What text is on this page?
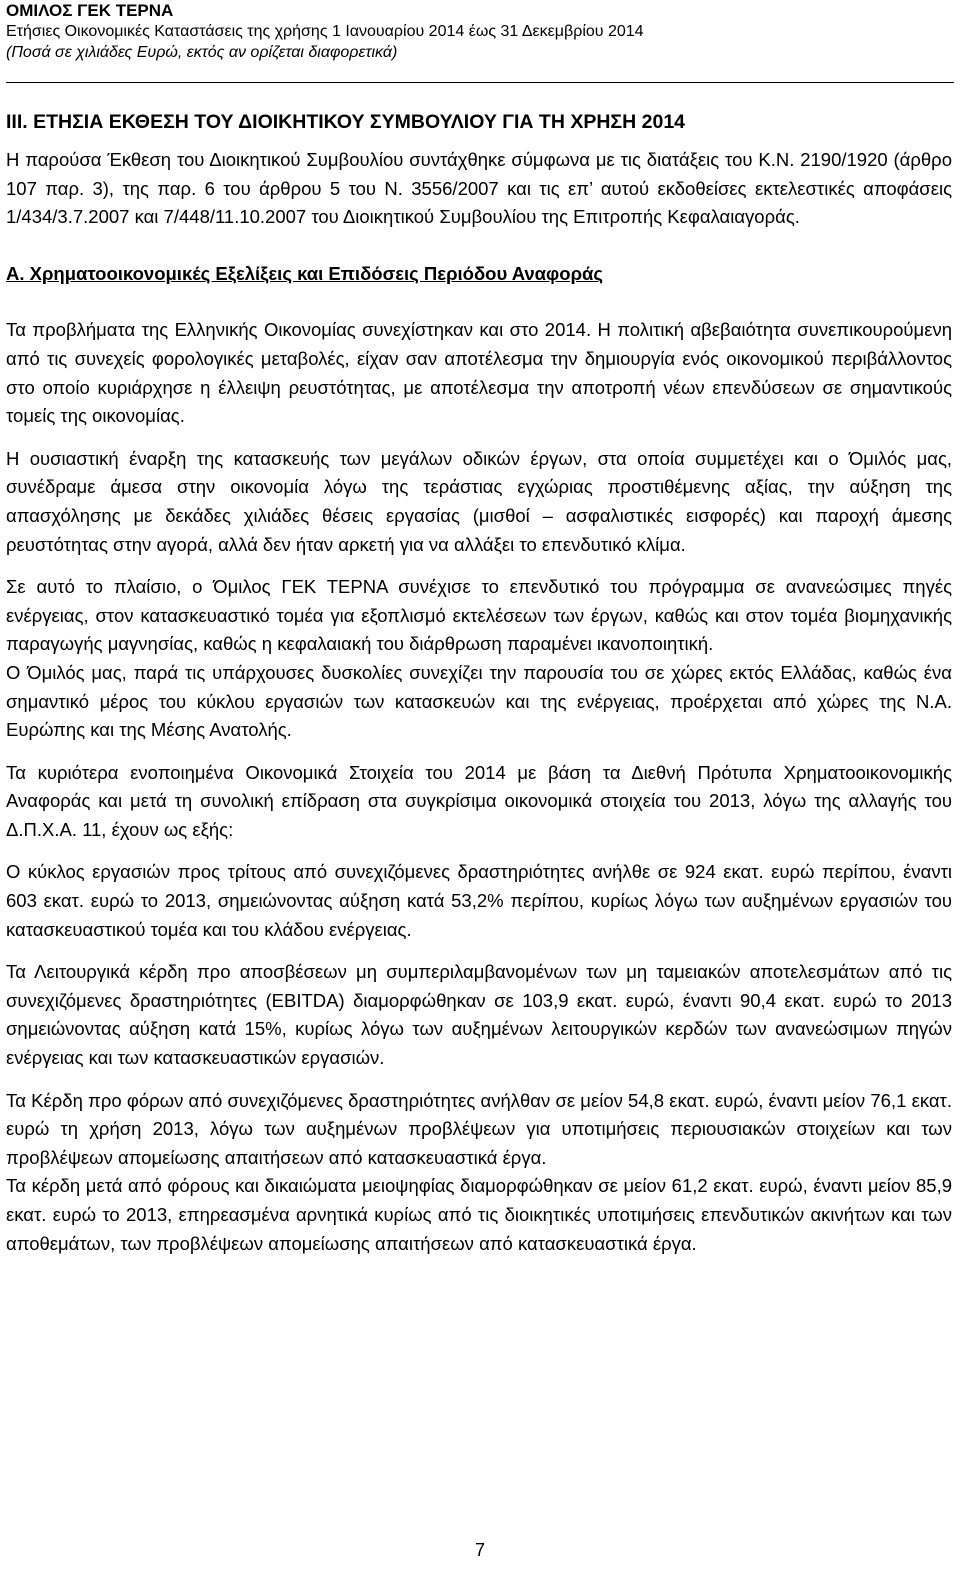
ΟΜΙΛΟΣ ΓΕΚ ΤΕΡΝΑ
Ετήσιες Οικονομικές Καταστάσεις της χρήσης 1 Ιανουαρίου 2014 έως 31 Δεκεμβρίου 2014
(Ποσά σε χιλιάδες Ευρώ, εκτός αν ορίζεται διαφορετικά)
III. ΕΤΗΣΙΑ ΕΚΘΕΣΗ ΤΟΥ ΔΙΟΙΚΗΤΙΚΟΥ ΣΥΜΒΟΥΛΙΟΥ ΓΙΑ ΤΗ ΧΡΗΣΗ 2014

Η παρούσα Έκθεση του Διοικητικού Συμβουλίου συντάχθηκε σύμφωνα με τις διατάξεις του Κ.Ν. 2190/1920 (άρθρο 107 παρ. 3), της παρ. 6 του άρθρου 5 του Ν. 3556/2007 και τις επ’ αυτού εκδοθείσες εκτελεστικές αποφάσεις 1/434/3.7.2007 και 7/448/11.10.2007 του Διοικητικού Συμβουλίου της Επιτροπής Κεφαλαιαγοράς.

Α. Χρηματοοικονομικές Εξελίξεις και Επιδόσεις Περιόδου Αναφοράς

Τα προβλήματα της Ελληνικής Οικονομίας συνεχίστηκαν και στο 2014. Η πολιτική αβεβαιότητα συνεπικουρούμενη από τις συνεχείς φορολογικές μεταβολές, είχαν σαν αποτέλεσμα την δημιουργία ενός οικονομικού περιβάλλοντος στο οποίο κυριάρχησε η έλλειψη ρευστότητας, με αποτέλεσμα την αποτροπή νέων επενδύσεων σε σημαντικούς τομείς της οικονομίας.

Η ουσιαστική έναρξη της κατασκευής των μεγάλων οδικών έργων, στα οποία συμμετέχει και ο Όμιλός μας, συνέδραμε άμεσα στην οικονομία λόγω της τεράστιας εγχώριας προστιθέμενης αξίας, την αύξηση της απασχόλησης με δεκάδες χιλιάδες θέσεις εργασίας (μισθοί – ασφαλιστικές εισφορές) και παροχή άμεσης ρευστότητας στην αγορά, αλλά δεν ήταν αρκετή για να αλλάξει το επενδυτικό κλίμα.

Σε αυτό το πλαίσιο, ο Όμιλος ΓΕΚ ΤΕΡΝΑ συνέχισε το επενδυτικό του πρόγραμμα σε ανανεώσιμες πηγές ενέργειας, στον κατασκευαστικό τομέα για εξοπλισμό εκτελέσεων των έργων, καθώς και στον τομέα βιομηχανικής παραγωγής μαγνησίας, καθώς η κεφαλαιακή του διάρθρωση παραμένει ικανοποιητική.

Ο Όμιλός μας, παρά τις υπάρχουσες δυσκολίες συνεχίζει την παρουσία του σε χώρες εκτός Ελλάδας, καθώς ένα σημαντικό μέρος του κύκλου εργασιών των κατασκευών και της ενέργειας, προέρχεται από χώρες της Ν.Α. Ευρώπης και της Μέσης Ανατολής.

Τα κυριότερα ενοποιημένα Οικονομικά Στοιχεία του 2014 με βάση τα Διεθνή Πρότυπα Χρηματοοικονομικής Αναφοράς και μετά τη συνολική επίδραση στα συγκρίσιμα οικονομικά στοιχεία του 2013, λόγω της αλλαγής του Δ.Π.Χ.Α. 11, έχουν ως εξής:

Ο κύκλος εργασιών προς τρίτους από συνεχιζόμενες δραστηριότητες ανήλθε σε 924 εκατ. ευρώ περίπου, έναντι 603 εκατ. ευρώ το 2013, σημειώνοντας αύξηση κατά 53,2% περίπου, κυρίως λόγω των αυξημένων εργασιών του κατασκευαστικού τομέα και του κλάδου ενέργειας.

Τα Λειτουργικά κέρδη προ αποσβέσεων μη συμπεριλαμβανομένων των μη ταμειακών αποτελεσμάτων από τις συνεχιζόμενες δραστηριότητες (EBITDA) διαμορφώθηκαν σε 103,9 εκατ. ευρώ, έναντι 90,4 εκατ. ευρώ το 2013 σημειώνοντας αύξηση κατά 15%, κυρίως λόγω των αυξημένων λειτουργικών κερδών των ανανεώσιμων πηγών ενέργειας και των κατασκευαστικών εργασιών.

Τα Κέρδη προ φόρων από συνεχιζόμενες δραστηριότητες ανήλθαν σε μείον 54,8 εκατ. ευρώ, έναντι μείον 76,1 εκατ. ευρώ τη χρήση 2013, λόγω των αυξημένων προβλέψεων για υποτιμήσεις περιουσιακών στοιχείων και των προβλέψεων απομείωσης απαιτήσεων από κατασκευαστικά έργα.

Τα κέρδη μετά από φόρους και δικαιώματα μειοψηφίας διαμορφώθηκαν σε μείον 61,2 εκατ. ευρώ, έναντι μείον 85,9 εκατ. ευρώ το 2013, επηρεασμένα αρνητικά κυρίως από τις διοικητικές υποτιμήσεις επενδυτικών ακινήτων και των αποθεμάτων, των προβλέψεων απομείωσης απαιτήσεων από κατασκευαστικά έργα.

7
